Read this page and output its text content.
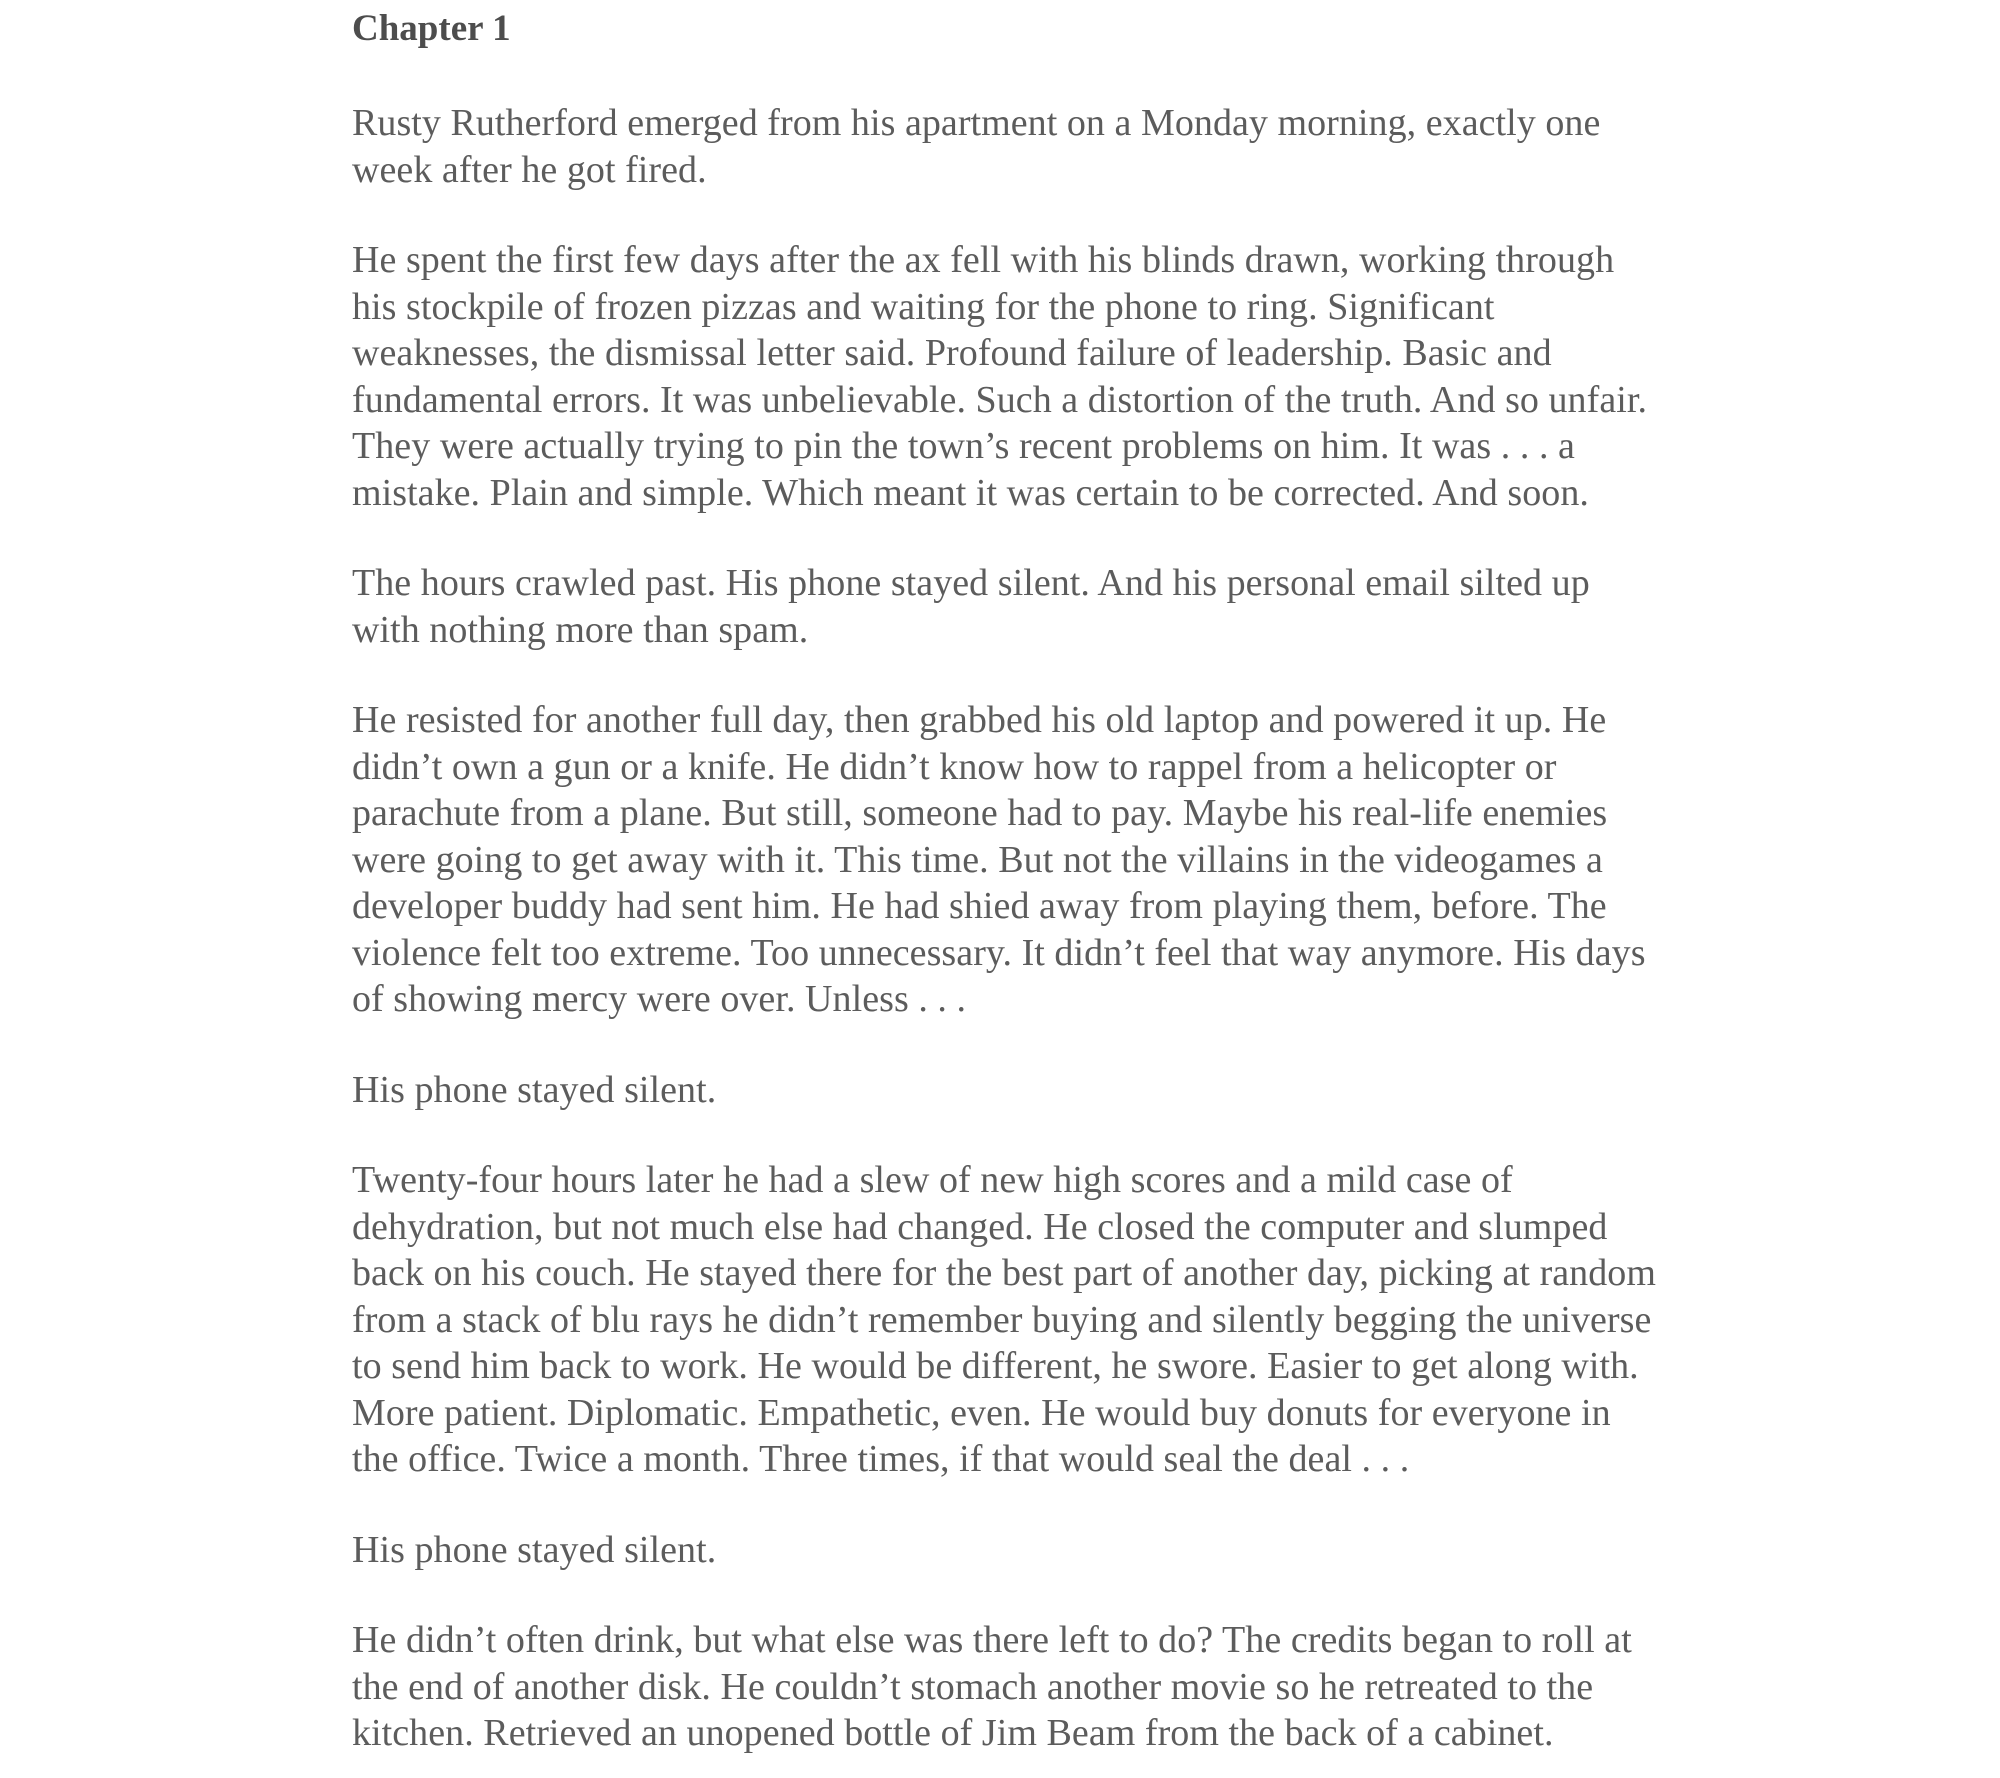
Chapter 1

Rusty Rutherford emerged from his apartment on a Monday morning, exactly one week after he got fired.

He spent the first few days after the ax fell with his blinds drawn, working through his stockpile of frozen pizzas and waiting for the phone to ring. Significant weaknesses, the dismissal letter said. Profound failure of leadership. Basic and fundamental errors. It was unbelievable. Such a distortion of the truth. And so unfair. They were actually trying to pin the town’s recent problems on him. It was . . . a mistake. Plain and simple. Which meant it was certain to be corrected. And soon.

The hours crawled past. His phone stayed silent. And his personal email silted up with nothing more than spam.

He resisted for another full day, then grabbed his old laptop and powered it up. He didn’t own a gun or a knife. He didn’t know how to rappel from a helicopter or parachute from a plane. But still, someone had to pay. Maybe his real-life enemies were going to get away with it. This time. But not the villains in the videogames a developer buddy had sent him. He had shied away from playing them, before. The violence felt too extreme. Too unnecessary. It didn’t feel that way anymore. His days of showing mercy were over. Unless . . .

His phone stayed silent.

Twenty-four hours later he had a slew of new high scores and a mild case of dehydration, but not much else had changed. He closed the computer and slumped back on his couch. He stayed there for the best part of another day, picking at random from a stack of blu rays he didn’t remember buying and silently begging the universe to send him back to work. He would be different, he swore. Easier to get along with. More patient. Diplomatic. Empathetic, even. He would buy donuts for everyone in the office. Twice a month. Three times, if that would seal the deal . . .

His phone stayed silent.

He didn’t often drink, but what else was there left to do? The credits began to roll at the end of another disk. He couldn’t stomach another movie so he retreated to the kitchen. Retrieved an unopened bottle of Jim Beam from the back of a cabinet.
